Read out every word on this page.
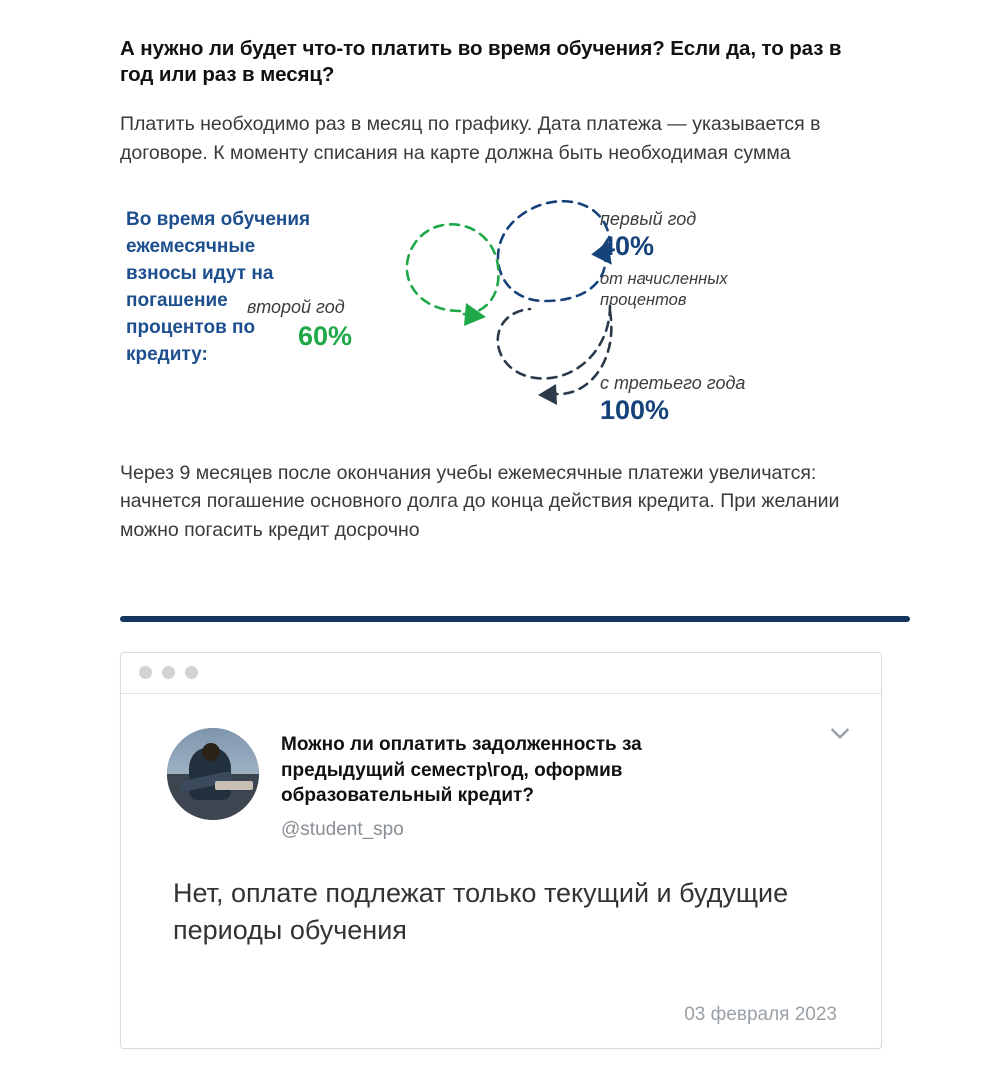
А нужно ли будет что-то платить во время обучения? Если да, то раз в год или раз в месяц?

Платить необходимо раз в месяц по графику. Дата платежа — указывается в договоре. К моменту списания на карте должна быть необходимая сумма

Во время обучения ежемесячные взносы идут на погашение процентов по кредиту:
первый год
40%
от начисленных процентов
второй год
60%
с третьего года
100%

Через 9 месяцев после окончания учебы ежемесячные платежи увеличатся: начнется погашение основного долга до конца действия кредита. При желании можно погасить кредит досрочно

Можно ли оплатить задолженность за предыдущий семестр\год, оформив образовательный кредит?
@student_spo
Нет, оплате подлежат только текущий и будущие периоды обучения
03 февраля 2023
